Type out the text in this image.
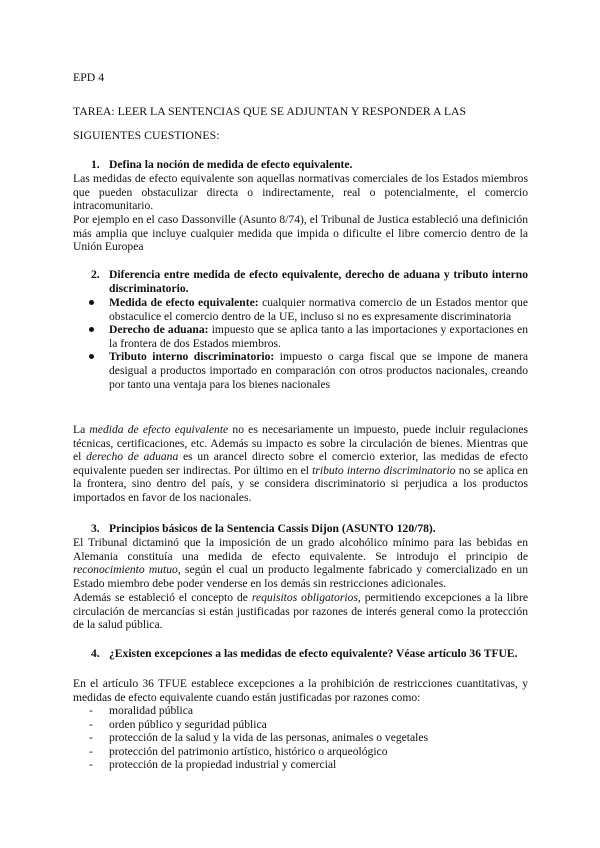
EPD 4

TAREA: LEER LA SENTENCIAS QUE SE ADJUNTAN Y RESPONDER A LAS

SIGUIENTES CUESTIONES:

1. Defina la noción de medida de efecto equivalente.

Las medidas de efecto equivalente son aquellas normativas comerciales de los Estados miembros que pueden obstaculizar directa o indirectamente, real o potencialmente, el comercio intracomunitario.

Por ejemplo en el caso Dassonville (Asunto 8/74), el Tribunal de Justica estableció una definición más amplia que incluye cualquier medida que impida o dificulte el libre comercio dentro de la Unión Europea

2. Diferencia entre medida de efecto equivalente, derecho de aduana y tributo interno discriminatorio.
Medida de efecto equivalente: cualquier normativa comercio de un Estados mentor que obstaculice el comercio dentro de la UE, incluso si no es expresamente discriminatoria
Derecho de aduana: impuesto que se aplica tanto a las importaciones y exportaciones en la frontera de dos Estados miembros.
Tributo interno discriminatorio: impuesto o carga fiscal que se impone de manera desigual a productos importado en comparación con otros productos nacionales, creando por tanto una ventaja para los bienes nacionales

La medida de efecto equivalente no es necesariamente un impuesto, puede incluir regulaciones técnicas, certificaciones, etc. Además su impacto es sobre la circulación de bienes. Mientras que el derecho de aduana es un arancel directo sobre el comercio exterior, las medidas de efecto equivalente pueden ser indirectas. Por último en el tributo interno discriminatorio no se aplica en la frontera, sino dentro del país, y se considera discriminatorio si perjudica a los productos importados en favor de los nacionales.

3. Principios básicos de la Sentencia Cassis Dijon (ASUNTO 120/78).

El Tribunal dictaminó que la imposición de un grado alcohólico mínimo para las bebidas en Alemania constituía una medida de efecto equivalente. Se introdujo el principio de reconocimiento mutuo, según el cual un producto legalmente fabricado y comercializado en un Estado miembro debe poder venderse en los demás sin restricciones adicionales.

Además se estableció el concepto de requisitos obligatorios, permitiendo excepciones a la libre circulación de mercancías si están justificadas por razones de interés general como la protección de la salud pública.

4. ¿Existen excepciones a las medidas de efecto equivalente? Véase artículo 36 TFUE.

En el artículo 36 TFUE establece excepciones a la prohibición de restricciones cuantitativas, y medidas de efecto equivalente cuando están justificadas por razones como:

- moralidad pública
- orden público y seguridad pública
- protección de la salud y la vida de las personas, animales o vegetales
- protección del patrimonio artístico, histórico o arqueológico
- protección de la propiedad industrial y comercial
